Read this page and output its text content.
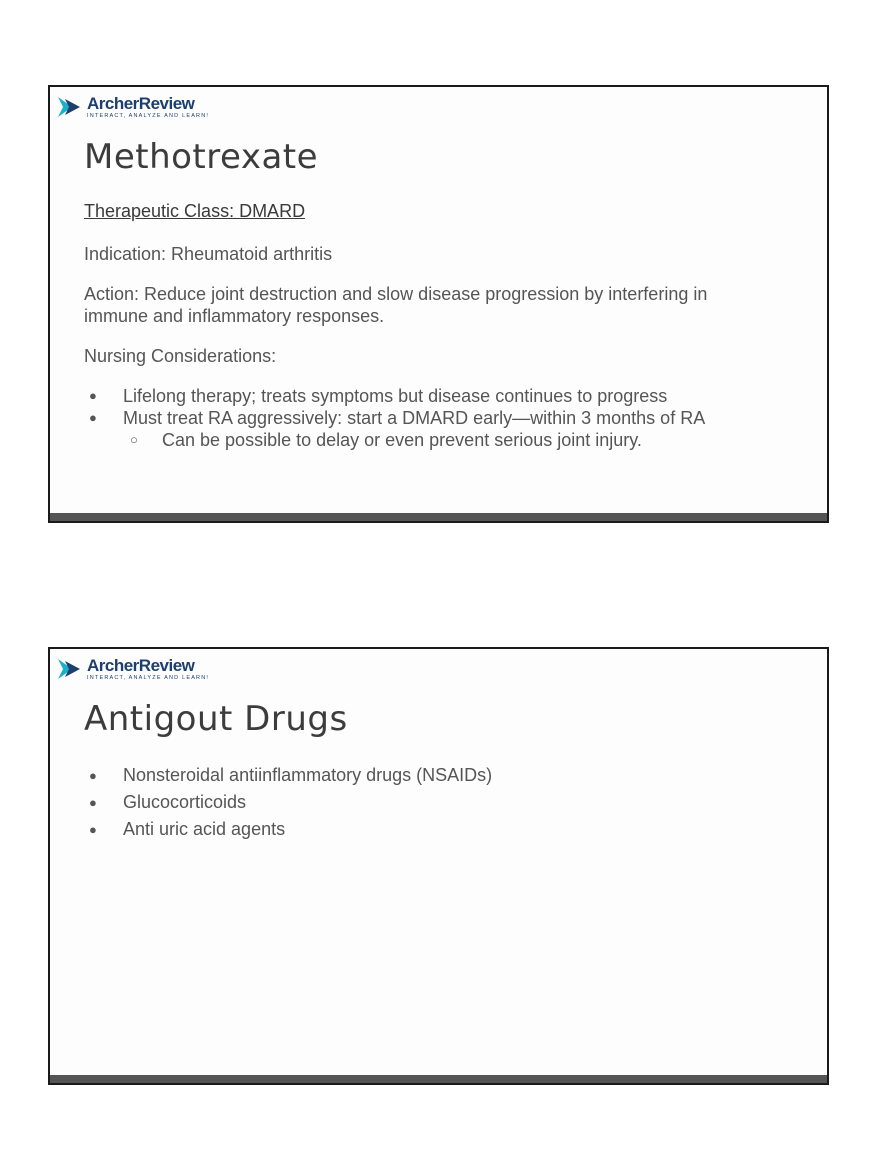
ArcherReview
INTERACT, ANALYZE AND LEARN!
Methotrexate

Therapeutic Class: DMARD

Indication: Rheumatoid arthritis

Action: Reduce joint destruction and slow disease progression by interfering in immune and inflammatory responses.

Nursing Considerations:

● Lifelong therapy; treats symptoms but disease continues to progress
● Must treat RA aggressively: start a DMARD early—within 3 months of RA
○ Can be possible to delay or even prevent serious joint injury.
ArcherReview
INTERACT, ANALYZE AND LEARN!
Antigout Drugs
● Nonsteroidal antiinflammatory drugs (NSAIDs)
● Glucocorticoids
● Anti uric acid agents
